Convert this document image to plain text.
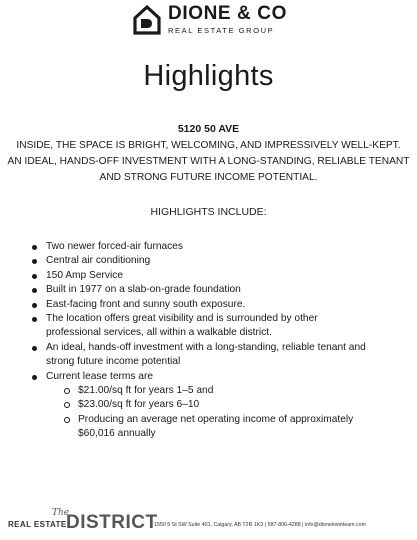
DIONE & CO
REAL ESTATE GROUP
Highlights
5120 50 AVE
INSIDE, THE SPACE IS BRIGHT, WELCOMING, AND IMPRESSIVELY WELL-KEPT.
AN IDEAL, HANDS-OFF INVESTMENT WITH A LONG-STANDING, RELIABLE TENANT
AND STRONG FUTURE INCOME POTENTIAL.
HIGHLIGHTS INCLUDE:
Two newer forced-air furnaces
Central air conditioning
150 Amp Service
Built in 1977 on a slab-on-grade foundation
East-facing front and sunny south exposure.
The location offers great visibility and is surrounded by other professional services, all within a walkable district.
An ideal, hands-off investment with a long-standing, reliable tenant and strong future income potential
Current lease terms are
$21.00/sq ft for years 1–5 and
$23.00/sq ft for years 6–10
Producing an average net operating income of approximately $60,016 annually
The
REAL ESTATE DISTRICT
1550 5 St SW Suite 401, Calgary, AB T2R 1K3 | 587-806-4288 | info@dioneirwinteam.com
